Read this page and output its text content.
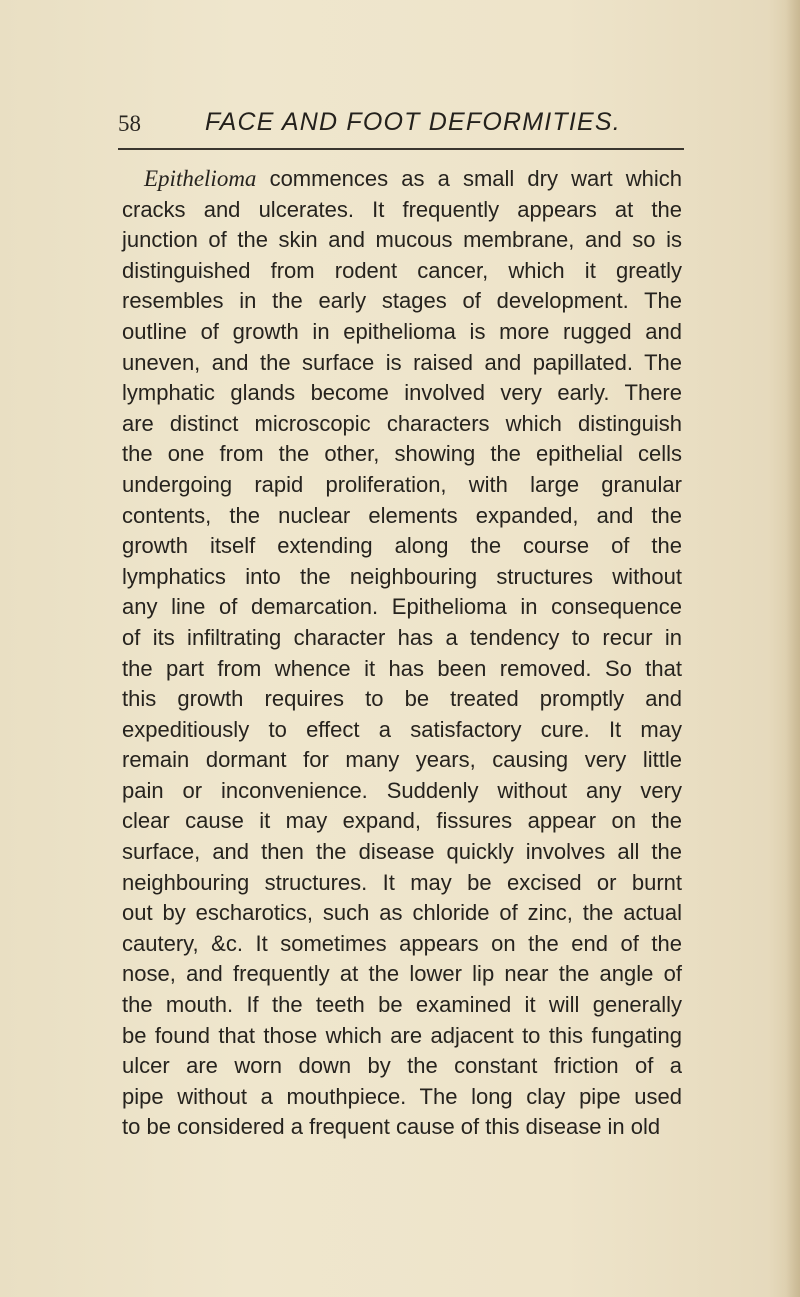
58	FACE AND FOOT DEFORMITIES.
Epithelioma commences as a small dry wart which
cracks and ulcerates. It frequently appears at the
junction of the skin and mucous membrane, and so is
distinguished from rodent cancer, which it greatly
resembles in the early stages of development. The
outline of growth in epithelioma is more rugged and
uneven, and the surface is raised and papillated. The
lymphatic glands become involved very early. There
are distinct microscopic characters which distinguish
the one from the other, showing the epithelial cells
undergoing rapid proliferation, with large granular
contents, the nuclear elements expanded, and the
growth itself extending along the course of the
lymphatics into the neighbouring structures without
any line of demarcation. Epithelioma in consequence
of its infiltrating character has a tendency to recur in
the part from whence it has been removed. So that
this growth requires to be treated promptly and
expeditiously to effect a satisfactory cure. It may
remain dormant for many years, causing very little
pain or inconvenience. Suddenly without any very
clear cause it may expand, fissures appear on the
surface, and then the disease quickly involves all the
neighbouring structures. It may be excised or burnt
out by escharotics, such as chloride of zinc, the actual
cautery, &c. It sometimes appears on the end of the
nose, and frequently at the lower lip near the angle of
the mouth. If the teeth be examined it will generally
be found that those which are adjacent to this fungating
ulcer are worn down by the constant friction of a
pipe without a mouthpiece. The long clay pipe used
to be considered a frequent cause of this disease in old
